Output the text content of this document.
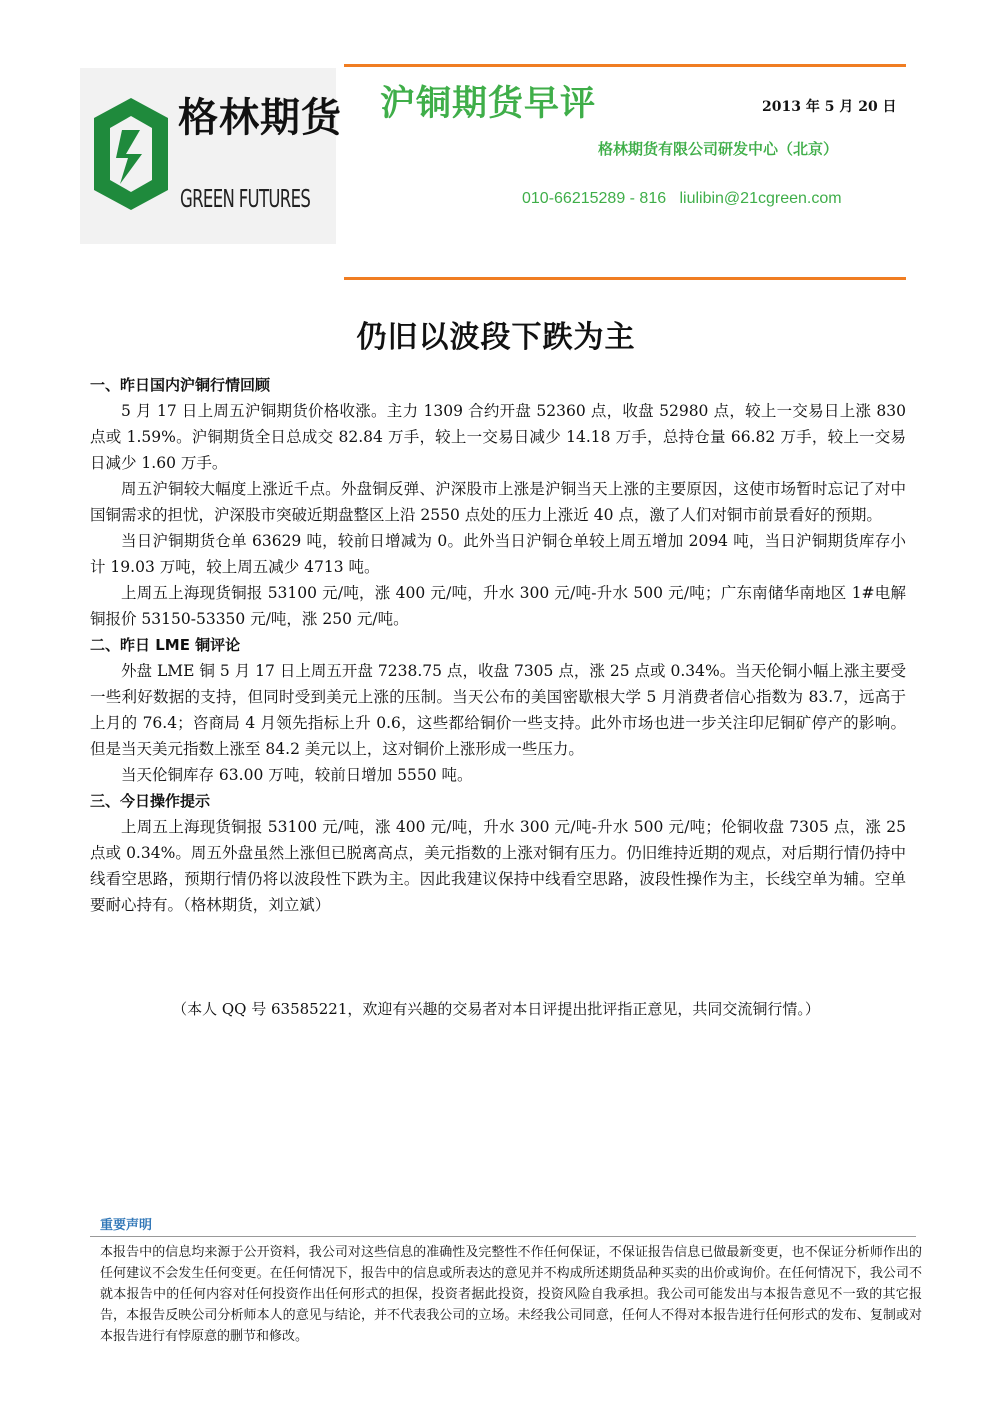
格林期货
GREEN FUTURES
沪铜期货早评	2013 年 5 月 20 日
格林期货有限公司研发中心（北京）
010-66215289 - 816   liulibin@21cgreen.com
仍旧以波段下跌为主
一、昨日国内沪铜行情回顾

5 月 17 日上周五沪铜期货价格收涨。主力 1309 合约开盘 52360 点，收盘 52980 点，较上一交易日上涨 830 点或 1.59%。沪铜期货全日总成交 82.84 万手，较上一交易日减少 14.18 万手，总持仓量 66.82 万手，较上一交易日减少 1.60 万手。

周五沪铜较大幅度上涨近千点。外盘铜反弹、沪深股市上涨是沪铜当天上涨的主要原因，这使市场暂时忘记了对中国铜需求的担忧，沪深股市突破近期盘整区上沿 2550 点处的压力上涨近 40 点，激了人们对铜市前景看好的预期。

当日沪铜期货仓单 63629 吨，较前日增减为 0。此外当日沪铜仓单较上周五增加 2094 吨，当日沪铜期货库存小计 19.03 万吨，较上周五减少 4713 吨。

上周五上海现货铜报 53100 元/吨，涨 400 元/吨，升水 300 元/吨-升水 500 元/吨；广东南储华南地区 1#电解铜报价 53150-53350 元/吨，涨 250 元/吨。

二、昨日 LME 铜评论

外盘 LME 铜 5 月 17 日上周五开盘 7238.75 点，收盘 7305 点，涨 25 点或 0.34%。当天伦铜小幅上涨主要受一些利好数据的支持，但同时受到美元上涨的压制。当天公布的美国密歇根大学 5 月消费者信心指数为 83.7，远高于上月的 76.4；咨商局 4 月领先指标上升 0.6，这些都给铜价一些支持。此外市场也进一步关注印尼铜矿停产的影响。但是当天美元指数上涨至 84.2 美元以上，这对铜价上涨形成一些压力。

当天伦铜库存 63.00 万吨，较前日增加 5550 吨。

三、今日操作提示

上周五上海现货铜报 53100 元/吨，涨 400 元/吨，升水 300 元/吨-升水 500 元/吨；伦铜收盘 7305 点，涨 25 点或 0.34%。周五外盘虽然上涨但已脱离高点，美元指数的上涨对铜有压力。仍旧维持近期的观点，对后期行情仍持中线看空思路，预期行情仍将以波段性下跌为主。因此我建议保持中线看空思路，波段性操作为主，长线空单为辅。空单要耐心持有。（格林期货，刘立斌）

（本人 QQ 号 63585221，欢迎有兴趣的交易者对本日评提出批评指正意见，共同交流铜行情。）
重要声明

本报告中的信息均来源于公开资料，我公司对这些信息的准确性及完整性不作任何保证，不保证报告信息已做最新变更，也不保证分析师作出的任何建议不会发生任何变更。在任何情况下，报告中的信息或所表达的意见并不构成所述期货品种买卖的出价或询价。在任何情况下，我公司不就本报告中的任何内容对任何投资作出任何形式的担保，投资者据此投资，投资风险自我承担。我公司可能发出与本报告意见不一致的其它报告，本报告反映公司分析师本人的意见与结论，并不代表我公司的立场。未经我公司同意，任何人不得对本报告进行任何形式的发布、复制或对本报告进行有悖原意的删节和修改。
